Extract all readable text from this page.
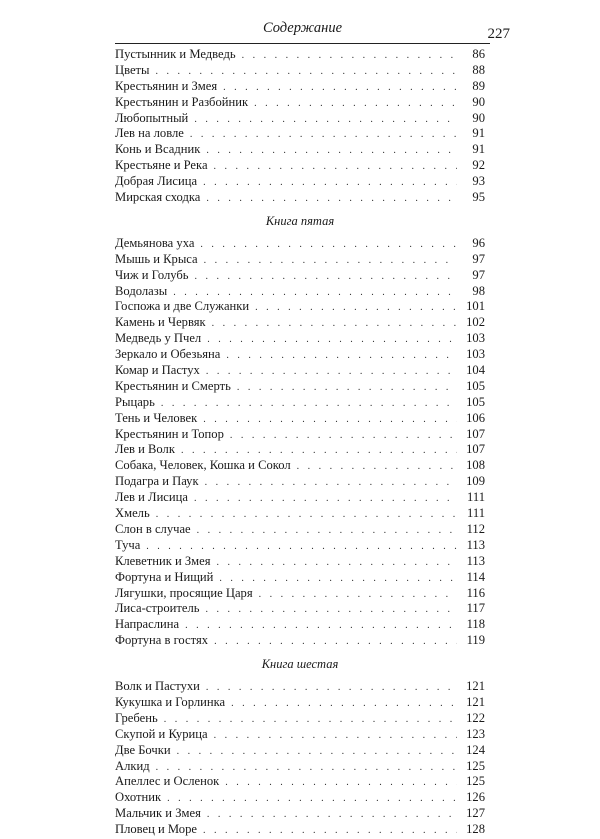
Содержание	227
Пустынник и Медведь . . .	86
Цветы . . .	88
Крестьянин и Змея . . .	89
Крестьянин и Разбойник . . .	90
Любопытный . . .	90
Лев на ловле . . .	91
Конь и Всадник . . .	91
Крестьяне и Река . . .	92
Добрая Лисица . . .	93
Мирская сходка . . .	95
Книга пятая
Демьянова уха . . .	96
Мышь и Крыса . . .	97
Чиж и Голубь . . .	97
Водолазы . . .	98
Госпожа и две Служанки . . .	101
Камень и Червяк . . .	102
Медведь у Пчел . . .	103
Зеркало и Обезьяна . . .	103
Комар и Пастух . . .	104
Крестьянин и Смерть . . .	105
Рыцарь . . .	105
Тень и Человек . . .	106
Крестьянин и Топор . . .	107
Лев и Волк . . .	107
Собака, Человек, Кошка и Сокол . . .	108
Подагра и Паук . . .	109
Лев и Лисица . . .	111
Хмель . . .	111
Слон в случае . . .	112
Туча . . .	113
Клеветник и Змея . . .	113
Фортуна и Нищий . . .	114
Лягушки, просящие Царя . . .	116
Лиса-строитель . . .	117
Напраслина . . .	118
Фортуна в гостях . . .	119
Книга шестая
Волк и Пастухи . . .	121
Кукушка и Горлинка . . .	121
Гребень . . .	122
Скупой и Курица . . .	123
Две Бочки . . .	124
Алкид . . .	125
Апеллес и Осленок . . .	125
Охотник . . .	126
Мальчик и Змея . . .	127
Пловец и Море . . .	128
